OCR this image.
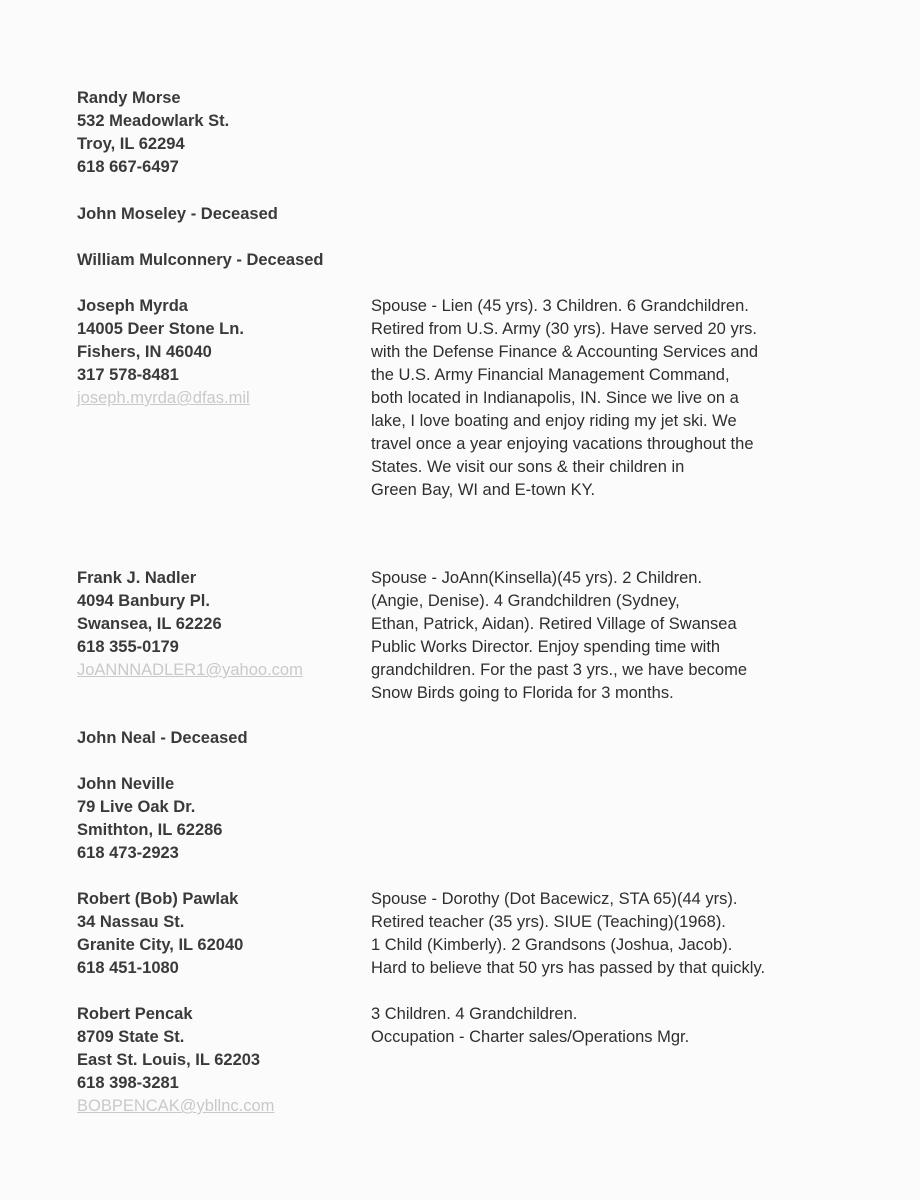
Randy Morse
532 Meadowlark St.
Troy, IL 62294
618 667-6497
John Moseley - Deceased
William Mulconnery - Deceased
Joseph Myrda
14005 Deer Stone Ln.
Fishers, IN 46040
317 578-8481
joseph.myrda@dfas.mil
Spouse - Lien (45 yrs). 3 Children. 6 Grandchildren.
Retired from U.S. Army (30 yrs). Have served 20 yrs.
with the Defense Finance & Accounting Services and
the U.S. Army Financial Management Command,
both located in Indianapolis, IN. Since we live on a
lake, I love boating and enjoy riding my jet ski. We
travel once a year enjoying vacations throughout the
States. We visit our sons & their children in
Green Bay, WI and E-town KY.
Frank J. Nadler
4094 Banbury Pl.
Swansea, IL 62226
618 355-0179
JoANNNADLER1@yahoo.com
Spouse - JoAnn(Kinsella)(45 yrs). 2 Children.
(Angie, Denise). 4 Grandchildren (Sydney,
Ethan, Patrick, Aidan). Retired Village of Swansea
Public Works Director. Enjoy spending time with
grandchildren. For the past 3 yrs., we have become
Snow Birds going to Florida for 3 months.
John Neal - Deceased
John Neville
79 Live Oak Dr.
Smithton, IL 62286
618 473-2923
Robert (Bob) Pawlak
34 Nassau St.
Granite City, IL 62040
618 451-1080
Spouse - Dorothy (Dot Bacewicz, STA 65)(44 yrs).
Retired teacher (35 yrs). SIUE (Teaching)(1968).
1 Child (Kimberly). 2 Grandsons (Joshua, Jacob).
Hard to believe that 50 yrs has passed by that quickly.
Robert Pencak
8709 State St.
East St. Louis, IL 62203
618 398-3281
BOBPENCAK@ybllnc.com
3 Children. 4 Grandchildren.
Occupation - Charter sales/Operations Mgr.
